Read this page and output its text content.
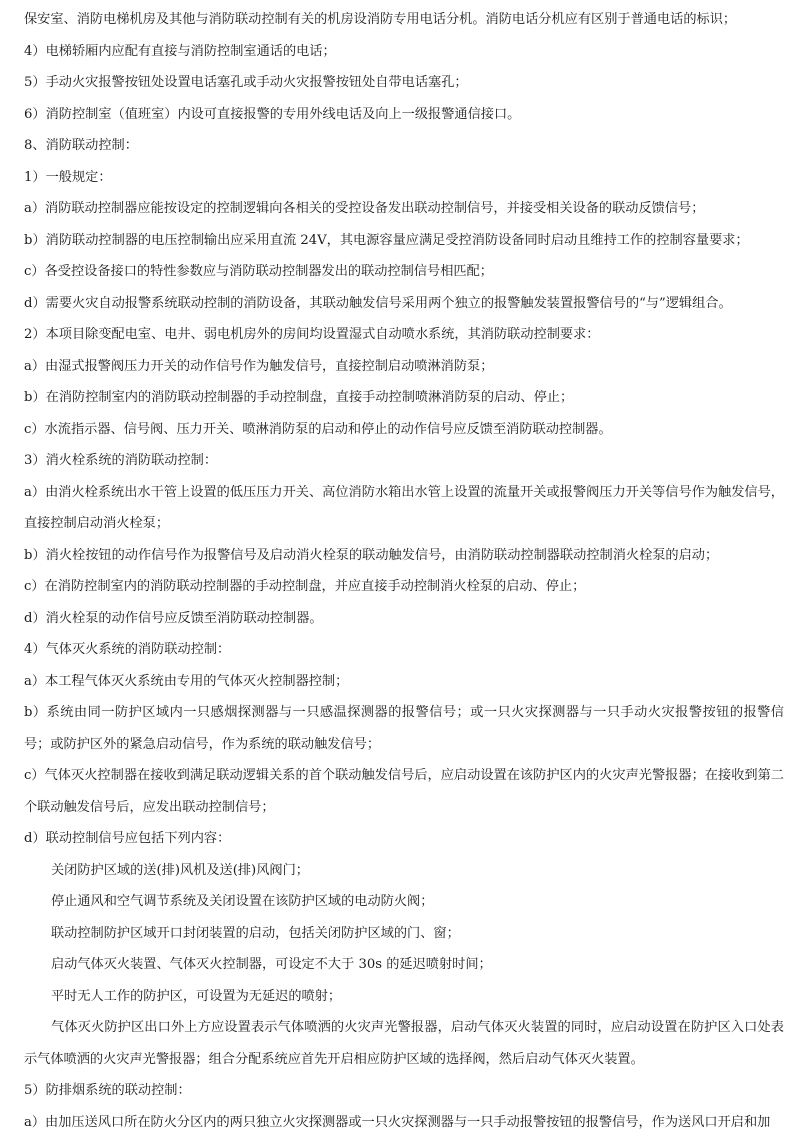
保安室、消防电梯机房及其他与消防联动控制有关的机房设消防专用电话分机。消防电话分机应有区别于普通电话的标识；

4）电梯轿厢内应配有直接与消防控制室通话的电话；

5）手动火灾报警按钮处设置电话塞孔或手动火灾报警按钮处自带电话塞孔；

6）消防控制室（值班室）内设可直接报警的专用外线电话及向上一级报警通信接口。

8、消防联动控制：

1）一般规定：

a）消防联动控制器应能按设定的控制逻辑向各相关的受控设备发出联动控制信号，并接受相关设备的联动反馈信号；

b）消防联动控制器的电压控制输出应采用直流 24V，其电源容量应满足受控消防设备同时启动且维持工作的控制容量要求；

c）各受控设备接口的特性参数应与消防联动控制器发出的联动控制信号相匹配；

d）需要火灾自动报警系统联动控制的消防设备，其联动触发信号采用两个独立的报警触发装置报警信号的“与”逻辑组合。

2）本项目除变配电室、电井、弱电机房外的房间均设置湿式自动喷水系统，其消防联动控制要求：

a）由湿式报警阀压力开关的动作信号作为触发信号，直接控制启动喷淋消防泵；

b）在消防控制室内的消防联动控制器的手动控制盘，直接手动控制喷淋消防泵的启动、停止；

c）水流指示器、信号阀、压力开关、喷淋消防泵的启动和停止的动作信号应反馈至消防联动控制器。

3）消火栓系统的消防联动控制：

a）由消火栓系统出水干管上设置的低压压力开关、高位消防水箱出水管上设置的流量开关或报警阀压力开关等信号作为触发信号，直接控制启动消火栓泵；

b）消火栓按钮的动作信号作为报警信号及启动消火栓泵的联动触发信号，由消防联动控制器联动控制消火栓泵的启动；

c）在消防控制室内的消防联动控制器的手动控制盘，并应直接手动控制消火栓泵的启动、停止；

d）消火栓泵的动作信号应反馈至消防联动控制器。

4）气体灭火系统的消防联动控制：

a）本工程气体灭火系统由专用的气体灭火控制器控制；

b）系统由同一防护区域内一只感烟探测器与一只感温探测器的报警信号；或一只火灾探测器与一只手动火灾报警按钮的报警信号；或防护区外的紧急启动信号，作为系统的联动触发信号；

c）气体灭火控制器在接收到满足联动逻辑关系的首个联动触发信号后，应启动设置在该防护区内的火灾声光警报器；在接收到第二个联动触发信号后，应发出联动控制信号；

d）联动控制信号应包括下列内容：

关闭防护区域的送(排)风机及送(排)风阀门；

停止通风和空气调节系统及关闭设置在该防护区域的电动防火阀；

联动控制防护区域开口封闭装置的启动，包括关闭防护区域的门、窗；

启动气体灭火装置、气体灭火控制器，可设定不大于 30s 的延迟喷射时间；

平时无人工作的防护区，可设置为无延迟的喷射；

气体灭火防护区出口外上方应设置表示气体喷洒的火灾声光警报器，启动气体灭火装置的同时，应启动设置在防护区入口处表示气体喷洒的火灾声光警报器；组合分配系统应首先开启相应防护区域的选择阀，然后启动气体灭火装置。

5）防排烟系统的联动控制：

a）由加压送风口所在防火分区内的两只独立火灾探测器或一只火灾探测器与一只手动报警按钮的报警信号，作为送风口开启和加
